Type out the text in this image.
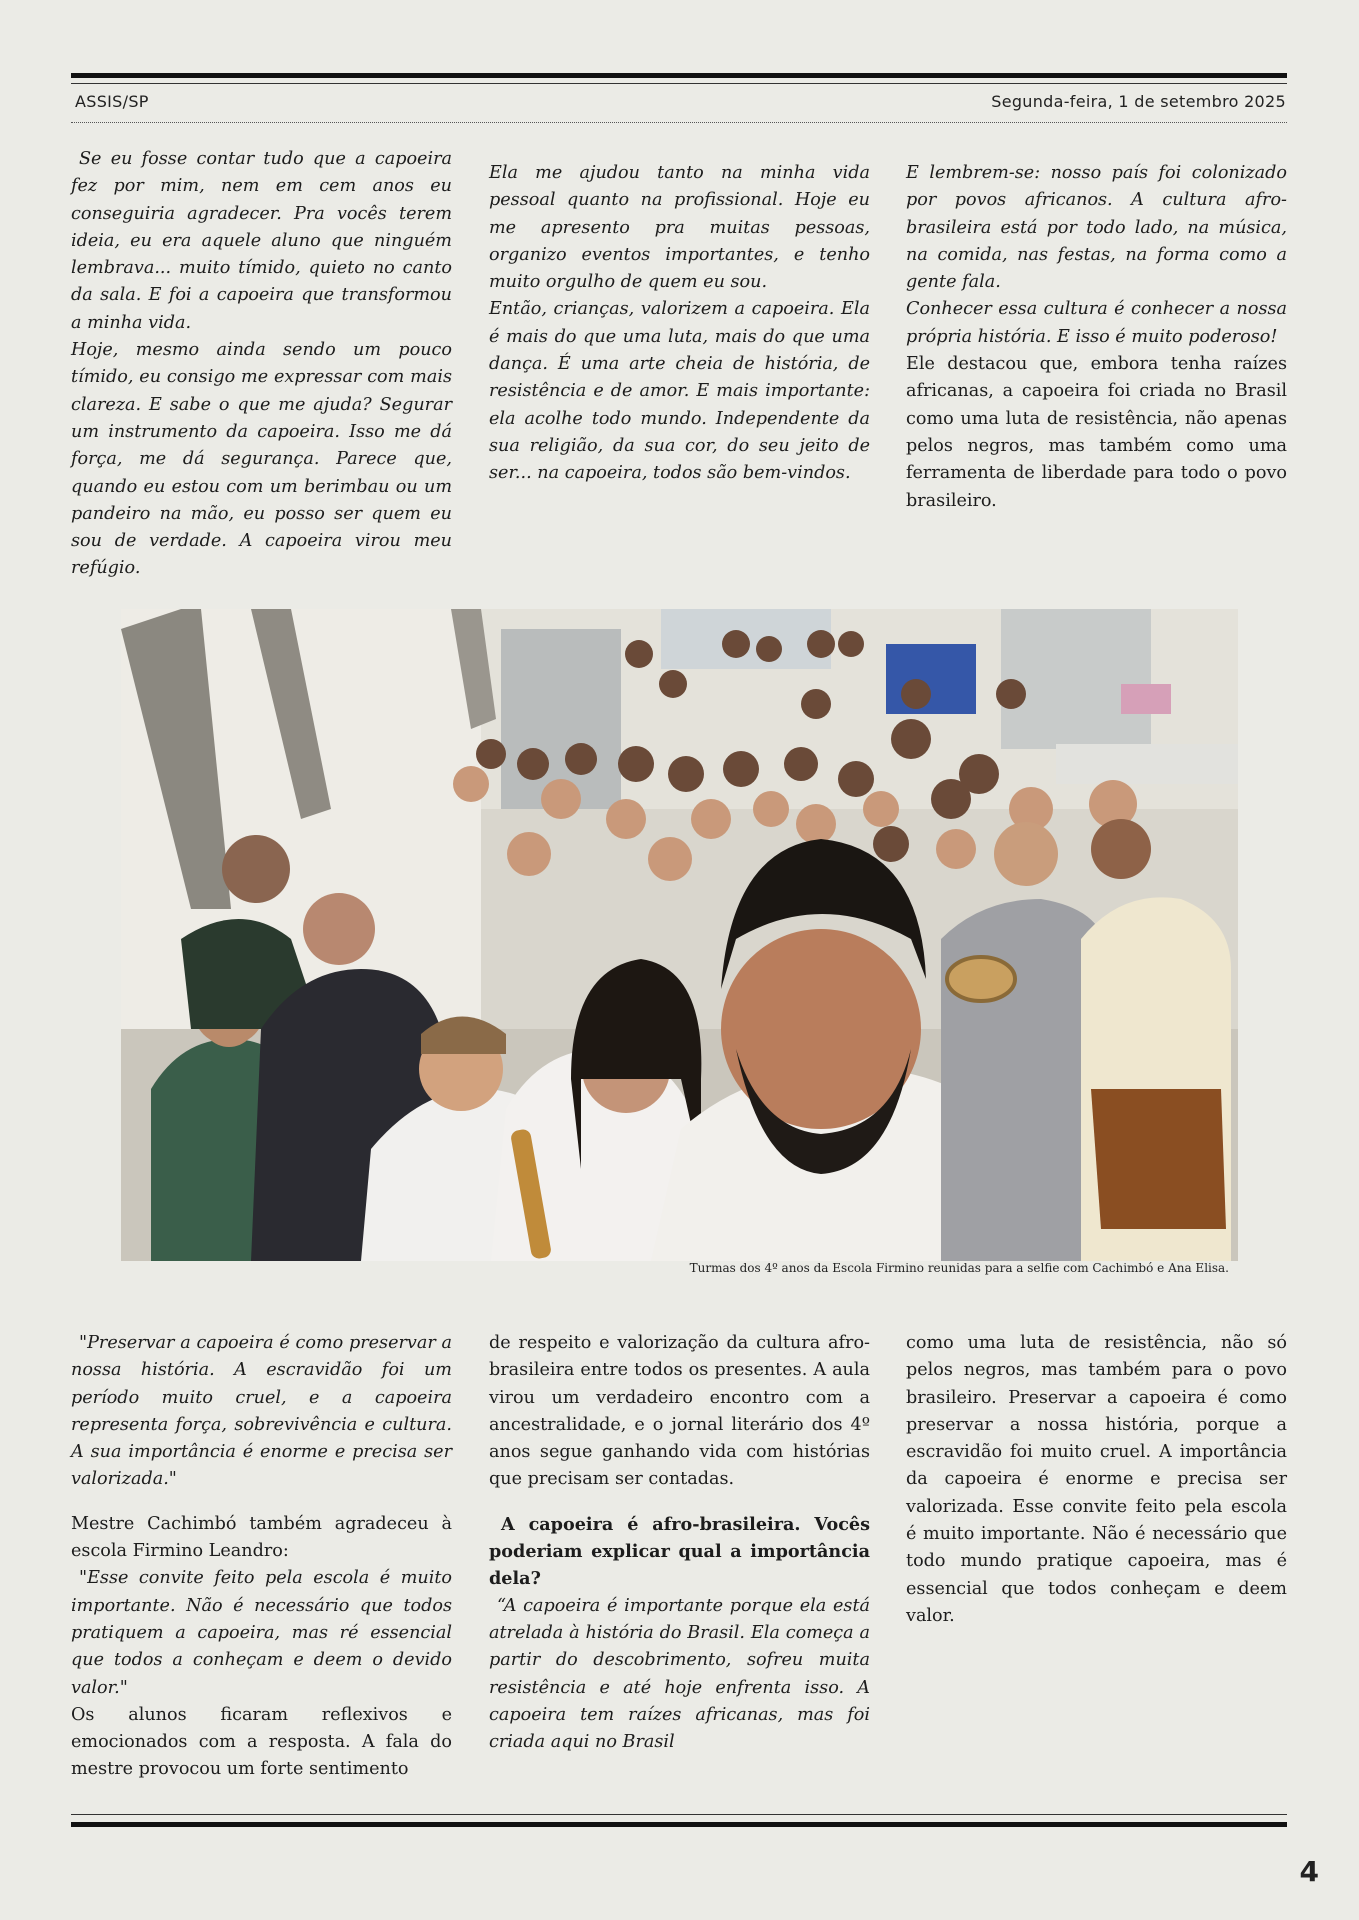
ASSIS/SP	Segunda-feira, 1 de setembro 2025

Se eu fosse contar tudo que a capoeira fez por mim, nem em cem anos eu conseguiria agradecer. Pra vocês terem ideia, eu era aquele aluno que ninguém lembrava... muito tímido, quieto no canto da sala. E foi a capoeira que transformou a minha vida.

Hoje, mesmo ainda sendo um pouco tímido, eu consigo me expressar com mais clareza. E sabe o que me ajuda? Segurar um instrumento da capoeira. Isso me dá força, me dá segurança. Parece que, quando eu estou com um berimbau ou um pandeiro na mão, eu posso ser quem eu sou de verdade. A capoeira virou meu refúgio.

Ela me ajudou tanto na minha vida pessoal quanto na profissional. Hoje eu me apresento pra muitas pessoas, organizo eventos importantes, e tenho muito orgulho de quem eu sou.

Então, crianças, valorizem a capoeira. Ela é mais do que uma luta, mais do que uma dança. É uma arte cheia de história, de resistência e de amor. E mais importante: ela acolhe todo mundo. Independente da sua religião, da sua cor, do seu jeito de ser... na capoeira, todos são bem-vindos.

E lembrem-se: nosso país foi colonizado por povos africanos. A cultura afro-brasileira está por todo lado, na música, na comida, nas festas, na forma como a gente fala.

Conhecer essa cultura é conhecer a nossa própria história. E isso é muito poderoso!

Ele destacou que, embora tenha raízes africanas, a capoeira foi criada no Brasil como uma luta de resistência, não apenas pelos negros, mas também como uma ferramenta de liberdade para todo o povo brasileiro.

Turmas dos 4º anos da Escola Firmino reunidas para a selfie com Cachimbó e Ana Elisa.

"Preservar a capoeira é como preservar a nossa história. A escravidão foi um período muito cruel, e a capoeira representa força, sobrevivência e cultura. A sua importância é enorme e precisa ser valorizada."

Mestre Cachimbó também agradeceu à escola Firmino Leandro:

"Esse convite feito pela escola é muito importante. Não é necessário que todos pratiquem a capoeira, mas ré essencial que todos a conheçam e deem o devido valor."

Os alunos ficaram reflexivos e emocionados com a resposta. A fala do mestre provocou um forte sentimento

de respeito e valorização da cultura afro-brasileira entre todos os presentes. A aula virou um verdadeiro encontro com a ancestralidade, e o jornal literário dos 4º anos segue ganhando vida com histórias que precisam ser contadas.

A capoeira é afro-brasileira. Vocês poderiam explicar qual a importância dela?

“A capoeira é importante porque ela está atrelada à história do Brasil. Ela começa a partir do descobrimento, sofreu muita resistência e até hoje enfrenta isso. A capoeira tem raízes africanas, mas foi criada aqui no Brasil

como uma luta de resistência, não só pelos negros, mas também para o povo brasileiro. Preservar a capoeira é como preservar a nossa história, porque a escravidão foi muito cruel. A importância da capoeira é enorme e precisa ser valorizada. Esse convite feito pela escola é muito importante. Não é necessário que todo mundo pratique capoeira, mas é essencial que todos conheçam e deem valor.

4
